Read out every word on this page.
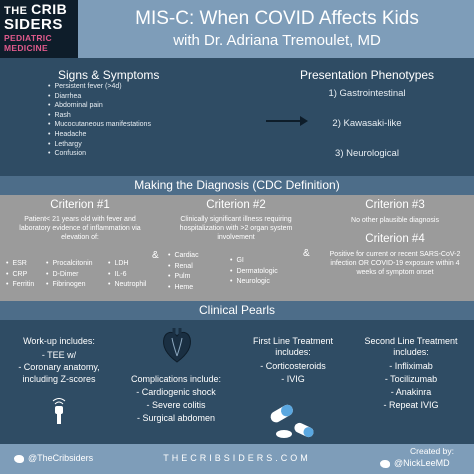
THE CRIB
SIDERS
PEDIATRIC
MEDICINE
MIS-C: When COVID Affects Kids
with Dr. Adriana Tremoulet, MD
Signs & Symptoms
• Persistent fever (>4d)
• Diarrhea
• Abdominal pain
• Rash
• Mucocutaneous manifestations
• Headache
• Lethargy
• Confusion
Presentation Phenotypes
1) Gastrointestinal
2) Kawasaki-like
3) Neurological
Making the Diagnosis (CDC Definition)
Criterion #1
Patient< 21 years old with fever and laboratory evidence of inflammation via elevation of:
• ESR
• CRP
• Ferritin
• Procalcitonin
• D-Dimer
• Fibrinogen
• LDH
• IL-6
• Neutrophil
&
Criterion #2
Clinically significant illness requiring hospitalization with >2 organ system involvement
• Cardiac
• Renal
• Pulm
• Heme
• GI
• Dermatologic
• Neurologic
&
Criterion #3
No other plausible diagnosis
Criterion #4
Positive for current or recent SARS-CoV-2 infection OR COVID-19 exposure within 4 weeks of symptom onset
Clinical Pearls
Work-up includes:
- TEE w/
- Coronary anatomy,
including Z-scores	Complications include:
- Cardiogenic shock
- Severe colitis
- Surgical abdomen
First Line Treatment
includes:
- Corticosteroids
- IVIG
Second Line Treatment
includes:
- Infliximab
- Tocilizumab
- Anakinra
- Repeat IVIG
@TheCribsiders	THECRIBSIDERS.COM
Created by:
@NickLeeMD
